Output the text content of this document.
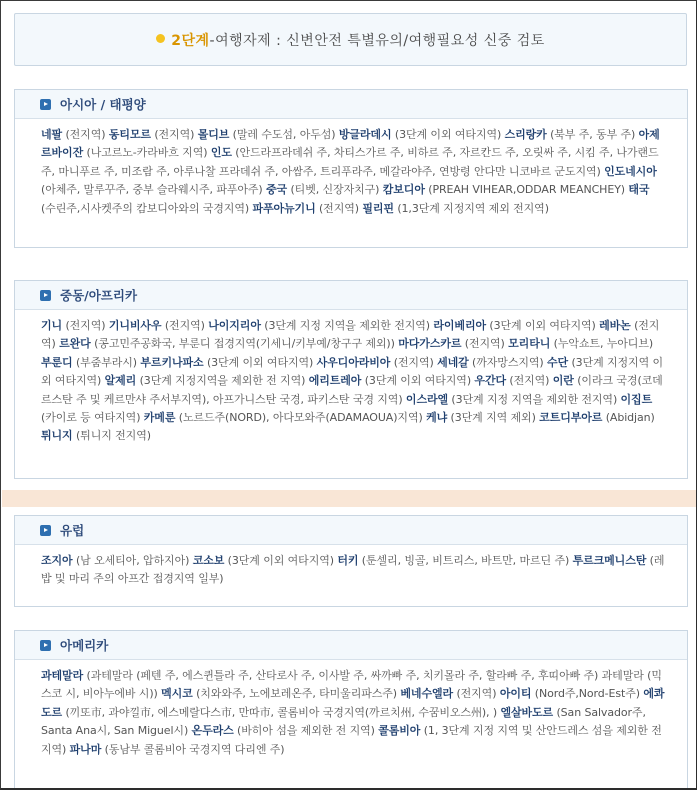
2단계 -여행자제 : 신변안전 특별유의/여행필요성 신중 검토
아시아 / 태평양
네팔 (전지역) 동티모르 (전지역) 몰디브 (말레 수도섬, 아두섬) 방글라데시 (3단계 이외 여타지역) 스리랑카 (북부 주, 동부 주) 아제르바이잔 (나고르노-카라바흐 지역) 인도 (안드라프라데쉬 주, 차티스가르 주, 비하르 주, 자르칸드 주, 오릿싸 주, 시킴 주, 나가랜드 주, 마니푸르 주, 미조람 주, 아루나찰 프라데쉬 주, 아쌈주, 트리푸라주, 메갈라야주, 연방령 안다만 니코바르 군도지역) 인도네시아 (아체주, 말루꾸주, 중부 슬라웨시주, 파푸아주) 중국 (티벳, 신장자치구) 캄보디아 (PREAH VIHEAR,ODDAR MEANCHEY) 태국 (수린주,시사켓주의 캄보디아와의 국경지역) 파푸아뉴기니 (전지역) 필리핀 (1,3단계 지정지역 제외 전지역)
중동/아프리카
기니 (전지역) 기니비사우 (전지역) 나이지리아 (3단계 지정 지역을 제외한 전지역) 라이베리아 (3단계 이외 여타지역) 레바논 (전지역) 르완다 (콩고민주공화국, 부룬디 접경지역(기세니/키부예/창구구 제외)) 마다가스카르 (전지역) 모리타니 (누악쇼트, 누아디브) 부룬디 (부줌부라시) 부르키나파소 (3단계 이외 여타지역) 사우디아라비아 (전지역) 세네갈 (까자망스지역) 수단 (3단계 지정지역 이외 여타지역) 알제리 (3단계 지정지역을 제외한 전 지역) 에리트레아 (3단계 이외 여타지역) 우간다 (전지역) 이란 (이라크 국경(코데르스탄 주 및 케르만샤 주서부지역), 아프가니스탄 국경, 파키스탄 국경 지역) 이스라엘 (3단계 지정 지역을 제외한 전지역) 이집트 (카이로 등 여타지역) 카메룬 (노르드주(NORD), 아다모와주(ADAMAOUA)지역) 케냐 (3단계 지역 제외) 코트디부아르 (Abidjan) 튀니지 (튀니지 전지역)
유럽
조지아 (남 오세티아, 압하지아) 코소보 (3단계 이외 여타지역) 터키 (툰셀리, 빙골, 비트리스, 바트만, 마르딘 주) 투르크메니스탄 (레밥 및 마리 주의 아프간 접경지역 일부)
아메리카
과테말라 (과테말라 (페텐 주, 에스퀸틀라 주, 산타로사 주, 이사발 주, 싸까빠 주, 치키몰라 주, 할라빠 주, 후띠아빠 주) 과테말라 (믹스코 시, 비아누에바 시)) 멕시코 (치와와주, 노에보레온주, 타미울리파스주) 베네수엘라 (전지역) 아이티 (Nord주,Nord-Est주) 에콰도르 (끼또市, 과야낄市, 에스메랄다스市, 만따市, 콜롬비아 국경지역(까르치州, 수꿈비오스州), ) 엘살바도르 (San Salvador주, Santa Ana시, San Miguel시) 온두라스 (바히아 섬을 제외한 전 지역) 콜롬비아 (1, 3단계 지정 지역 및 산안드레스 섬을 제외한 전지역) 파나마 (동남부 콜롬비아 국경지역 다리엔 주)
